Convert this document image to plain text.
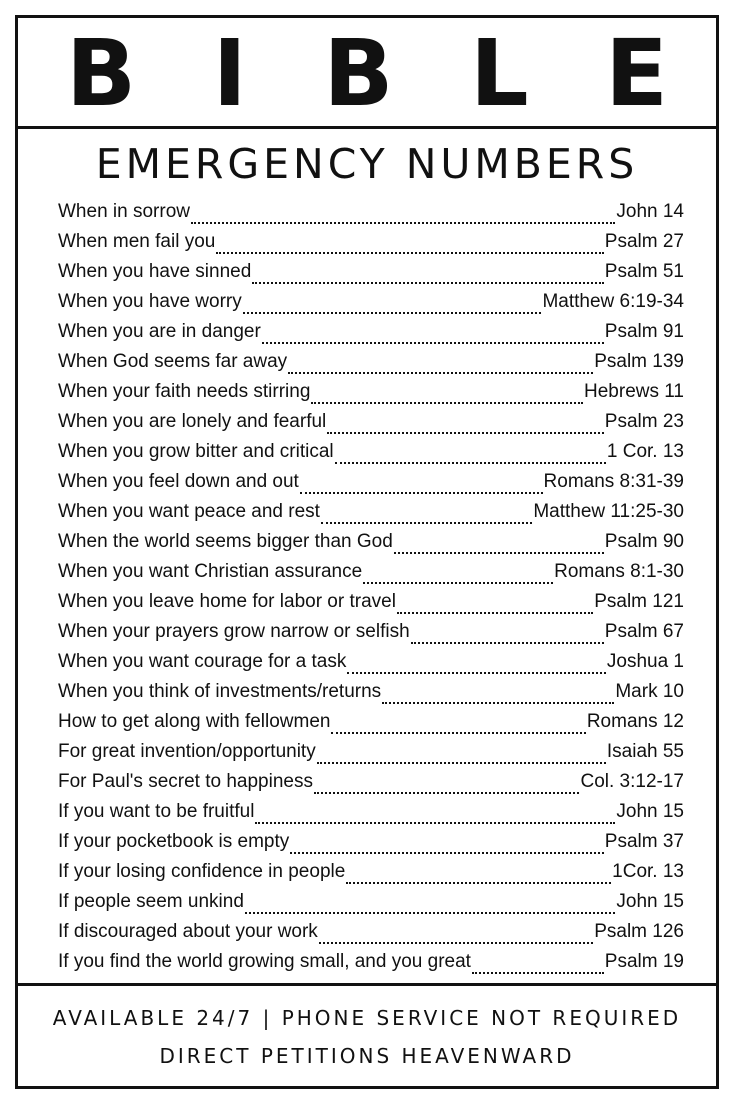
B I B L E
EMERGENCY NUMBERS
When in sorrow	John 14
When men fail you	Psalm 27
When you have sinned	Psalm 51
When you have worry	Matthew 6:19-34
When you are in danger	Psalm 91
When God seems far away	Psalm 139
When your faith needs stirring	Hebrews 11
When you are lonely and fearful	Psalm 23
When you grow bitter and critical	1 Cor. 13
When you feel down and out	Romans 8:31-39
When you want peace and rest	Matthew 11:25-30
When the world seems bigger than God	Psalm 90
When you want Christian assurance	Romans 8:1-30
When you leave home for labor or travel	Psalm 121
When your prayers grow narrow or selfish	Psalm 67
When you want courage for a task	Joshua 1
When you think of investments/returns	Mark 10
How to get along with fellowmen	Romans 12
For great invention/opportunity	Isaiah 55
For Paul's secret to happiness	Col. 3:12-17
If you want to be fruitful	John 15
If your pocketbook is empty	Psalm 37
If your losing confidence in people	1Cor. 13
If people seem unkind	John 15
If discouraged about your work	Psalm 126
If you find the world growing small, and you great	Psalm 19
AVAILABLE 24/7 | PHONE SERVICE NOT REQUIRED
DIRECT PETITIONS HEAVENWARD
